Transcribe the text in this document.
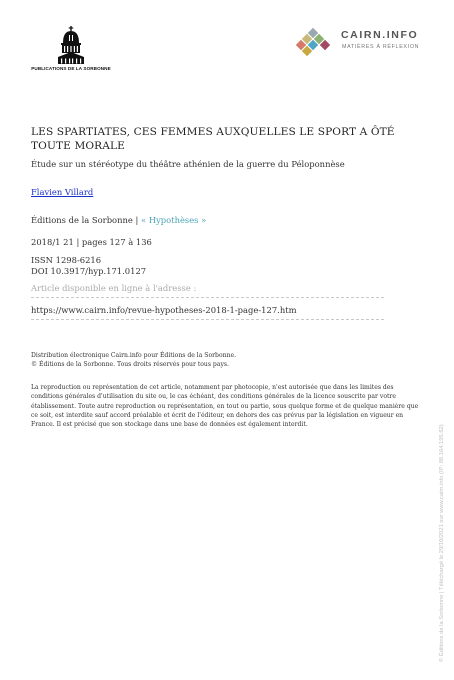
PUBLICATIONS DE LA SORBONNE
CAIRN.INFO
MATIÈRES À RÉFLEXION
LES SPARTIATES, CES FEMMES AUXQUELLES LE SPORT A ÔTÉ TOUTE MORALE
Étude sur un stéréotype du théâtre athénien de la guerre du Péloponnèse
Flavien Villard
Éditions de la Sorbonne | « Hypothèses »
2018/1 21 | pages 127 à 136
ISSN 1298-6216
DOI 10.3917/hyp.171.0127
Article disponible en ligne à l'adresse :
https://www.cairn.info/revue-hypotheses-2018-1-page-127.htm
Distribution électronique Cairn.info pour Éditions de la Sorbonne.
© Éditions de la Sorbonne. Tous droits réservés pour tous pays.
La reproduction ou représentation de cet article, notamment par photocopie, n'est autorisée que dans les limites des conditions générales d'utilisation du site ou, le cas échéant, des conditions générales de la licence souscrite par votre établissement. Toute autre reproduction ou représentation, en tout ou partie, sous quelque forme et de quelque manière que ce soit, est interdite sauf accord préalable et écrit de l'éditeur, en dehors des cas prévus par la législation en vigueur en France. Il est précisé que son stockage dans une base de données est également interdit.	© Éditions de la Sorbonne | Téléchargé le 29/10/2021 sur www.cairn.info (IP: 88.164.195.62)
